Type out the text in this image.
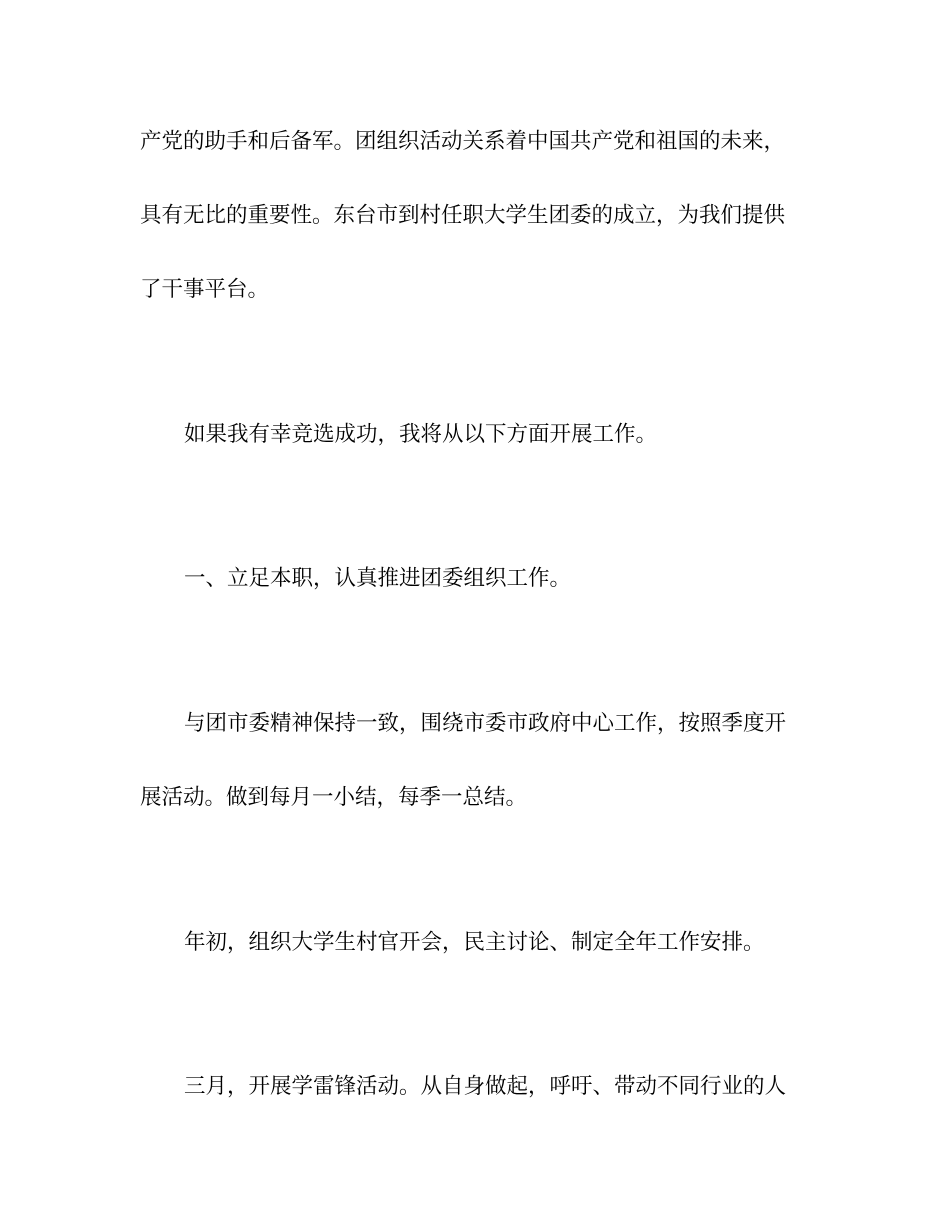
产党的助手和后备军。团组织活动关系着中国共产党和祖国的未来，
具有无比的重要性。东台市到村任职大学生团委的成立，为我们提供
了干事平台。
如果我有幸竞选成功，我将从以下方面开展工作。
一、立足本职，认真推进团委组织工作。
与团市委精神保持一致，围绕市委市政府中心工作，按照季度开
展活动。做到每月一小结，每季一总结。
年初，组织大学生村官开会，民主讨论、制定全年工作安排。
三月，开展学雷锋活动。从自身做起，呼吁、带动不同行业的人
